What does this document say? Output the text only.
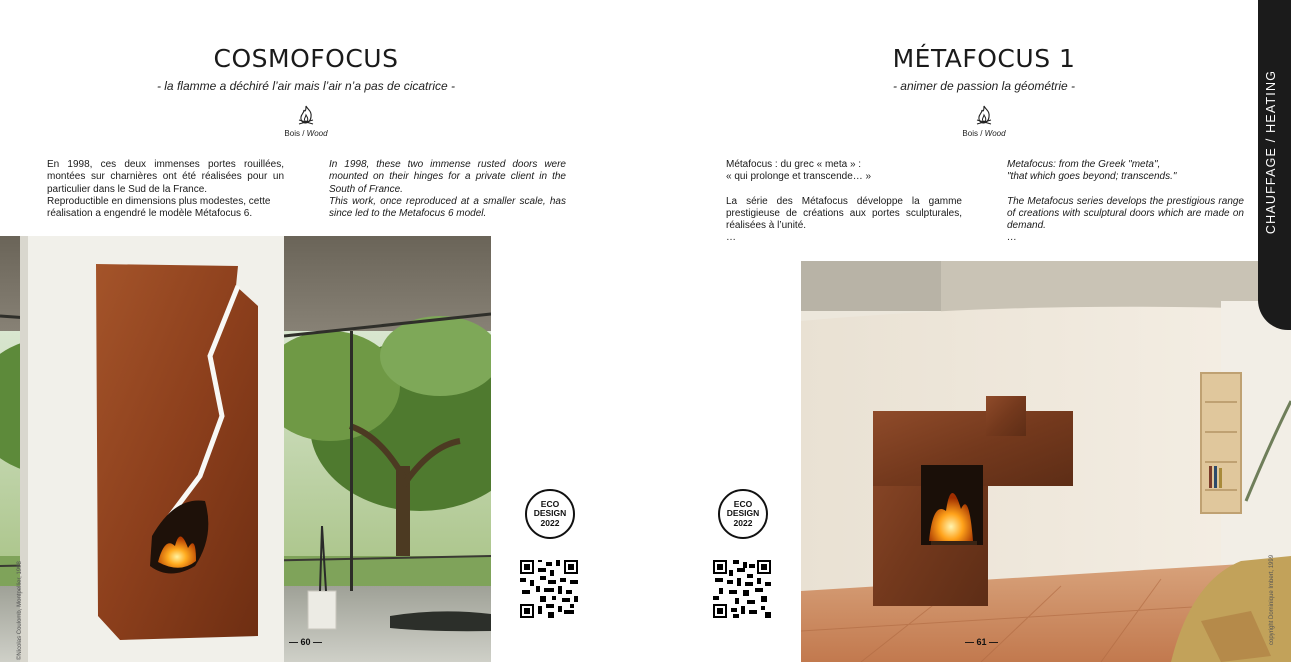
COSMOFOCUS
- la flamme a déchiré l’air mais l’air n’a pas de cicatrice -
Bois / Wood

En 1998, ces deux immenses portes rouillées, montées sur charnières ont été réalisées pour un particulier dans le Sud de la France.

Reproductible en dimensions plus modestes, cette réalisation a engendré le modèle Métafocus 6.

In 1998, these two immense rusted doors were mounted on their hinges for a private client in the South of France.

This work, once reproduced at a smaller scale, has since led to the Metafocus 6 model.

©Nicolas Coulomb, Montpellier, 1998
ECO
DESIGN
2022
— 60 —
MÉTAFOCUS 1
- animer de passion la géométrie -
Bois / Wood

Métafocus : du grec « meta » :

« qui prolonge et transcende… »

La série des Métafocus développe la gamme prestigieuse de créations aux portes sculpturales, réalisées à l’unité.

…

Metafocus: from the Greek "meta",

"that which goes beyond; transcends."

The Metafocus series develops the prestigious range of creations with sculptural doors which are made on demand.

…

ECO
DESIGN
2022
copyright Dominique Imbert, 1999
— 61 —
CHAUFFAGE / HEATING
